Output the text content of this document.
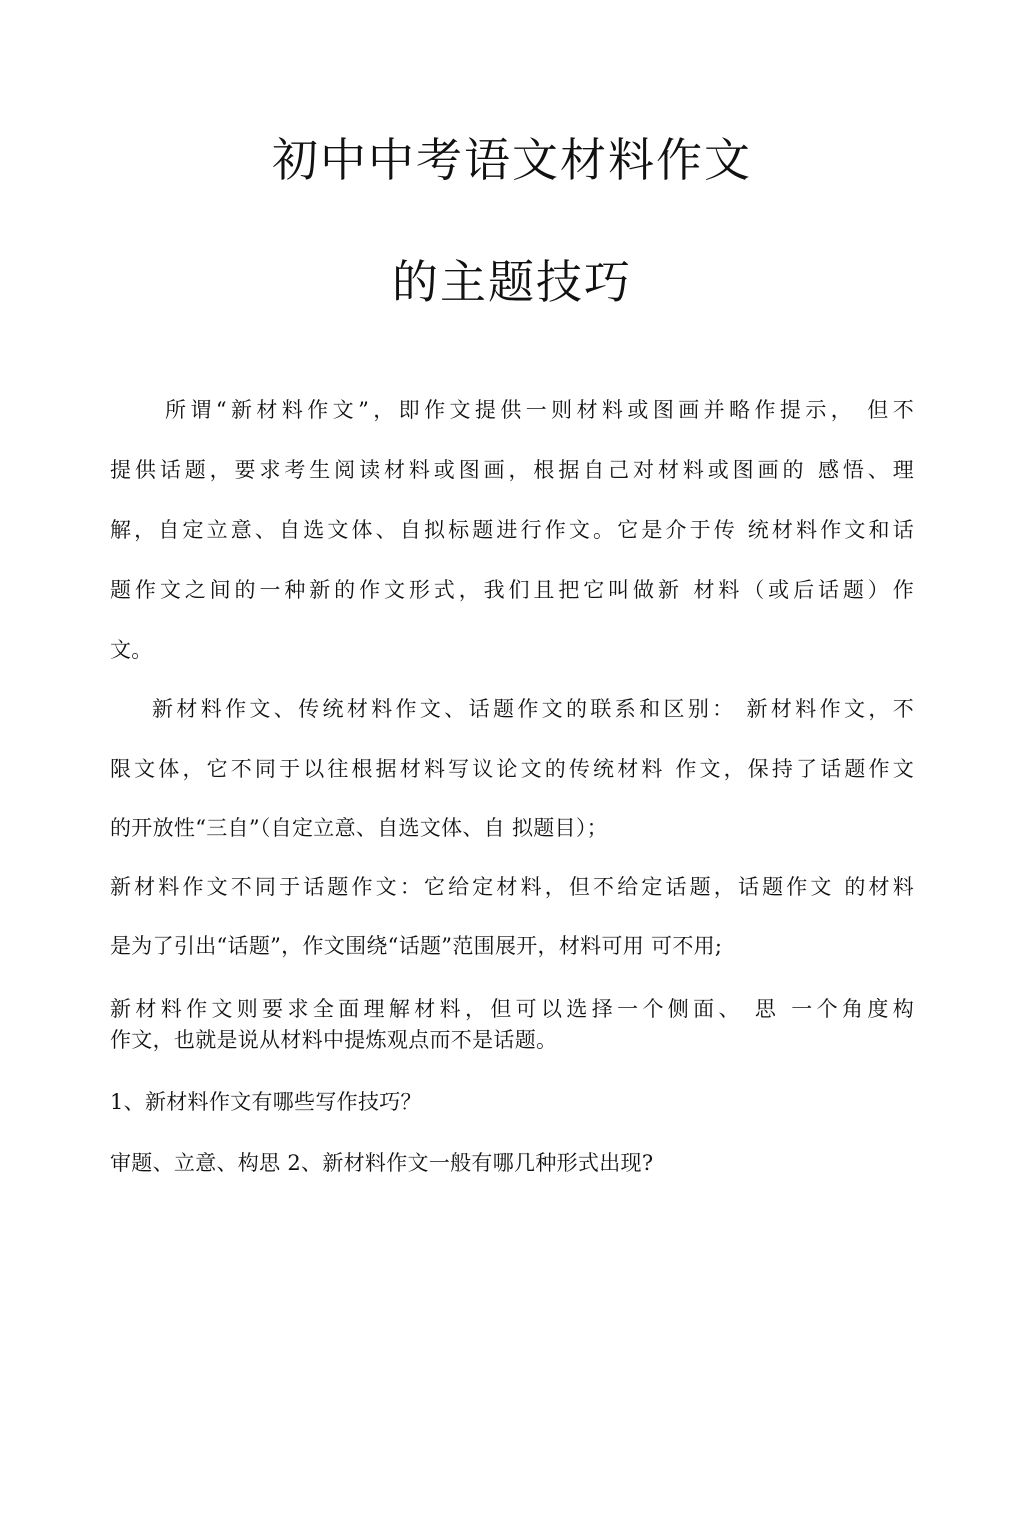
初中中考语文材料作文
的主题技巧
所谓“新材料作文”，即作文提供一则材料或图画并略作提示， 但不
提供话题，要求考生阅读材料或图画，根据自己对材料或图画的 感悟、理
解，自定立意、自选文体、自拟标题进行作文。它是介于传 统材料作文和话
题作文之间的一种新的作文形式，我们且把它叫做新 材料（或后话题）作
文。
新材料作文、传统材料作文、话题作文的联系和区别： 新材料作文，不
限文体，它不同于以往根据材料写议论文的传统材料 作文，保持了话题作文
的开放性“三自”（自定立意、自选文体、自 拟题目）；
新材料作文不同于话题作文：它给定材料，但不给定话题，话题作文 的材料
是为了引出“话题”，作文围绕“话题”范围展开，材料可用 可不用;
新材料作文则要求全面理解材料，但可以选择一个侧面、 思 一个角度构
作文，也就是说从材料中提炼观点而不是话题。
1、新材料作文有哪些写作技巧？
审题、立意、构思 2、新材料作文一般有哪几种形式出现?
